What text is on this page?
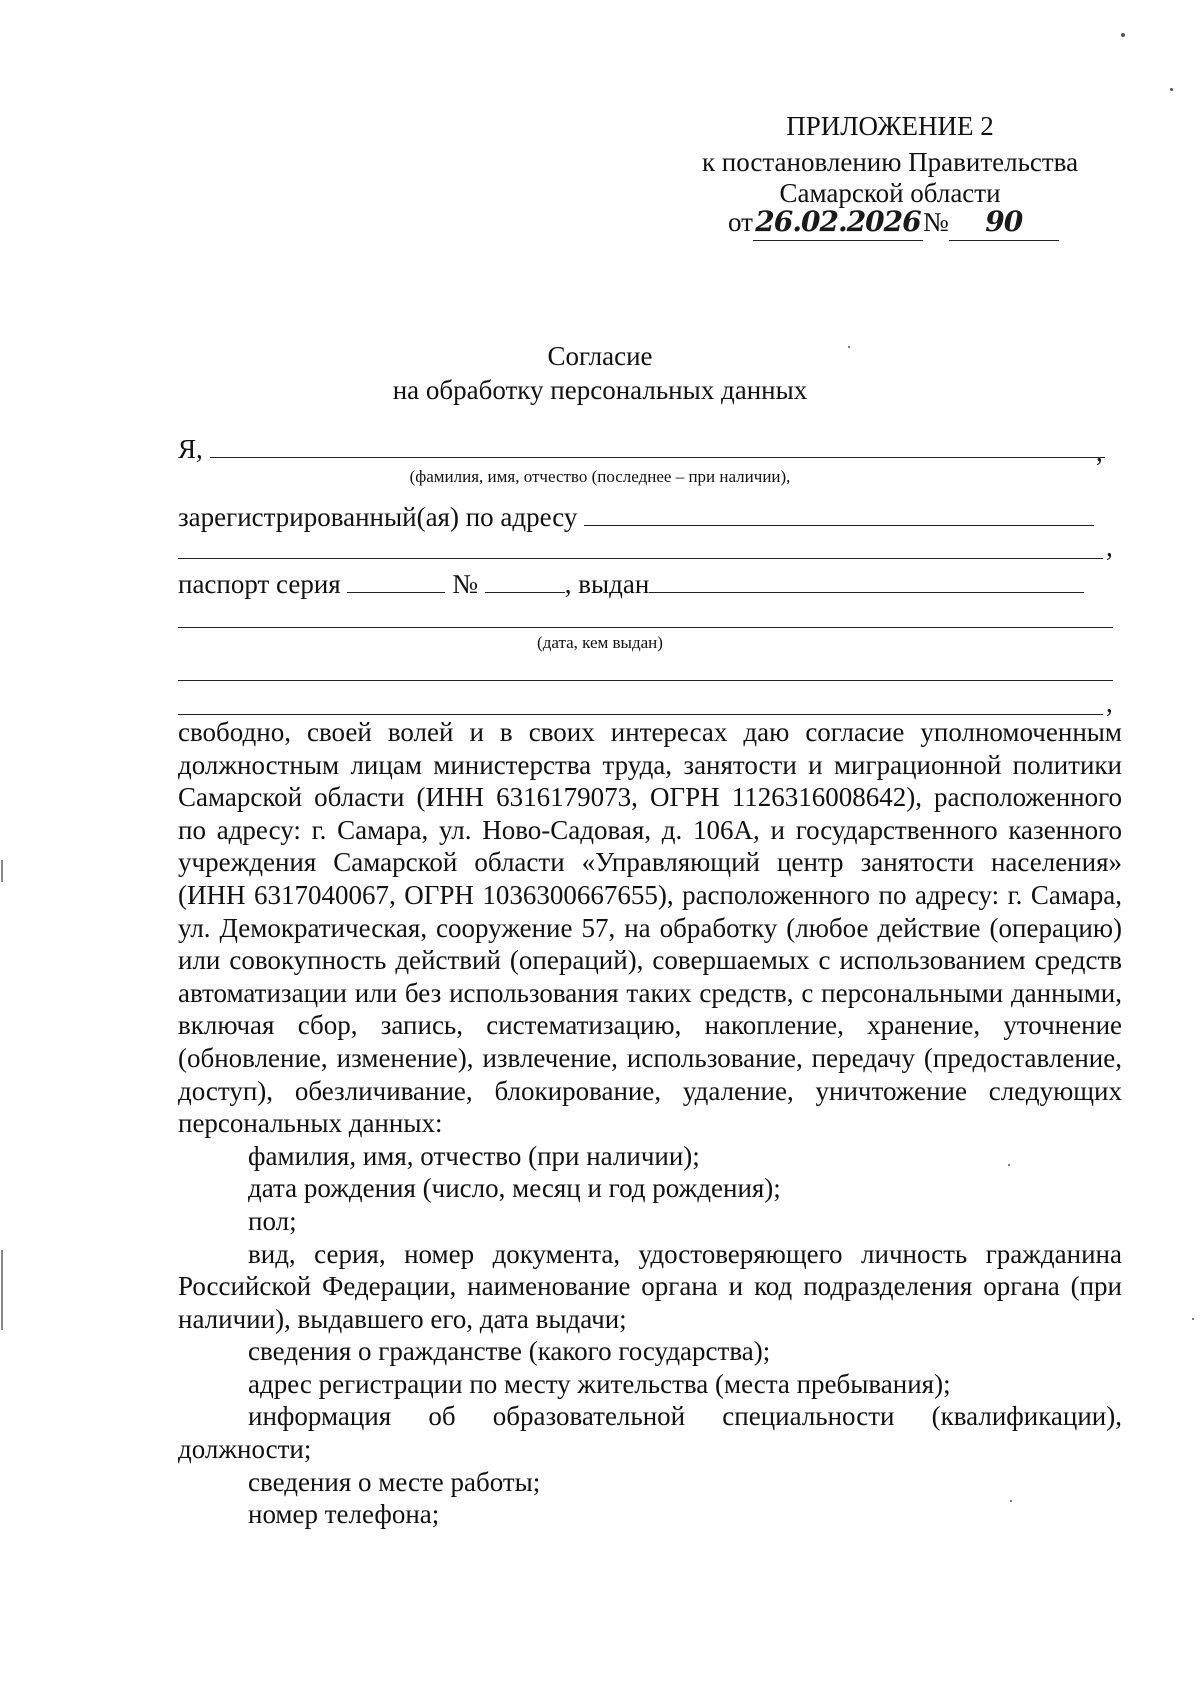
ПРИЛОЖЕНИЕ 2
к постановлению Правительства
Самарской области
от26.02.2026№ 90
Согласие
на обработку персональных данных
Я,	,
(фамилия, имя, отчество (последнее – при наличии),
зарегистрированный(ая) по адресу
,
паспорт серия	№	, выдан
(дата, кем выдан)
,

свободно, своей волей и в своих интересах даю согласие уполномоченным должностным лицам министерства труда, занятости и миграционной политики Самарской области (ИНН 6316179073, ОГРН 1126316008642), расположенного по адресу: г. Самара, ул. Ново-Садовая, д. 106А, и государственного казенного учреждения Самарской области «Управляющий центр занятости населения» (ИНН 6317040067, ОГРН 1036300667655), расположенного по адресу: г. Самара, ул. Демократическая, сооружение 57, на обработку (любое действие (операцию) или совокупность действий (операций), совершаемых с использованием средств автоматизации или без использования таких средств, с персональными данными, включая сбор, запись, систематизацию, накопление, хранение, уточнение (обновление, изменение), извлечение, использование, передачу (предоставление, доступ), обезличивание, блокирование, удаление, уничтожение следующих персональных данных:

фамилия, имя, отчество (при наличии);

дата рождения (число, месяц и год рождения);

пол;

вид, серия, номер документа, удостоверяющего личность гражданина Российской Федерации, наименование органа и код подразделения органа (при наличии), выдавшего его, дата выдачи;

сведения о гражданстве (какого государства);

адрес регистрации по месту жительства (места пребывания);

информация об образовательной специальности (квалификации), должности;

сведения о месте работы;

номер телефона;
